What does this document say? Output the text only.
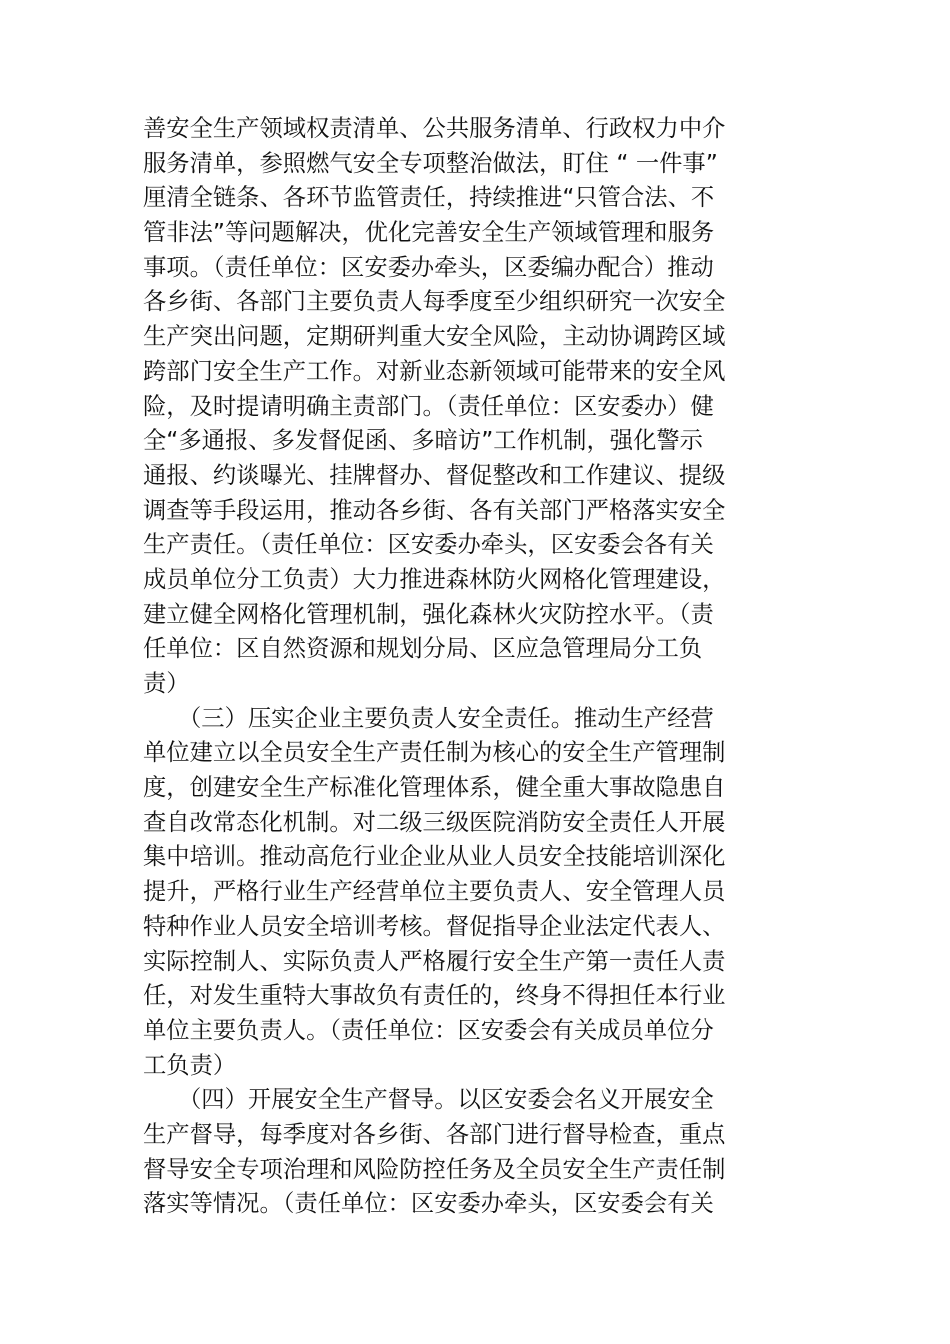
善安全生产领域权责清单、公共服务清单、行政权力中介
服务清单，参照燃气安全专项整治做法，盯住 “ 一件事”
厘清全链条、各环节监管责任，持续推进“只管合法、不
管非法”等问题解决，优化完善安全生产领域管理和服务
事项。（责任单位：区安委办牵头，区委编办配合）推动
各乡街、各部门主要负责人每季度至少组织研究一次安全
生产突出问题，定期研判重大安全风险，主动协调跨区域
跨部门安全生产工作。对新业态新领域可能带来的安全风
险，及时提请明确主责部门。（责任单位：区安委办）健
全“多通报、多发督促函、多暗访”工作机制，强化警示
通报、约谈曝光、挂牌督办、督促整改和工作建议、提级
调查等手段运用，推动各乡街、各有关部门严格落实安全
生产责任。（责任单位：区安委办牵头，区安委会各有关
成员单位分工负责）大力推进森林防火网格化管理建设，
建立健全网格化管理机制，强化森林火灾防控水平。（责
任单位：区自然资源和规划分局、区应急管理局分工负
责）
　　（三）压实企业主要负责人安全责任。推动生产经营
单位建立以全员安全生产责任制为核心的安全生产管理制
度，创建安全生产标准化管理体系，健全重大事故隐患自
查自改常态化机制。对二级三级医院消防安全责任人开展
集中培训。推动高危行业企业从业人员安全技能培训深化
提升，严格行业生产经营单位主要负责人、安全管理人员
特种作业人员安全培训考核。督促指导企业法定代表人、
实际控制人、实际负责人严格履行安全生产第一责任人责
任，对发生重特大事故负有责任的，终身不得担任本行业
单位主要负责人。（责任单位：区安委会有关成员单位分
工负责）
　　（四）开展安全生产督导。以区安委会名义开展安全
生产督导，每季度对各乡街、各部门进行督导检查，重点
督导安全专项治理和风险防控任务及全员安全生产责任制
落实等情况。（责任单位：区安委办牵头，区安委会有关
